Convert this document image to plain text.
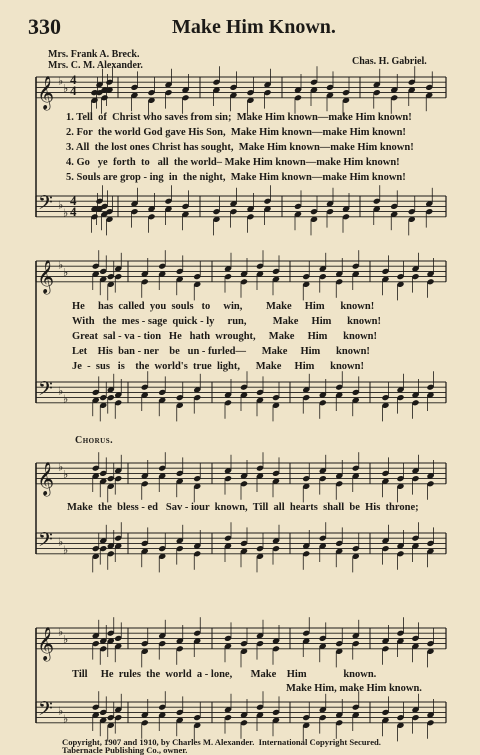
330	Make Him Known.
Mrs. Frank A. Breck.
Mrs. C. M. Alexander.	Chas. H. Gabriel.
𝄞 ♭
♭
𝄢 ♭
♭
𝄞 ♭
♭
𝄢 ♭
♭
𝄞 ♭
♭
𝄢 ♭
♭
𝄞 ♭
♭
𝄢 ♭
♭
4
4
4
4
1. Tell  of  Christ who saves from sin;  Make Him known—make Him known!
2. For  the world God gave His Son,  Make Him known—make Him known!
3. All  the lost ones Christ has sought,  Make Him known—make Him known!
4. Go   ye  forth  to   all  the world– Make Him known—make Him known!
5. Souls are grop - ing  in  the night,  Make Him known—make Him known!
He     has  called  you  souls   to     win,         Make     Him      known!
With   the  mes - sage  quick - ly     run,          Make     Him      known!
Great  sal - va - tion   He   hath  wrought,     Make     Him      known!
Let    His  ban - ner    be   un - furled—      Make     Him      known!
Je  -  sus   is    the  world's  true  light,      Make     Him      known!
Chorus.
Make  the  bless - ed   Sav - iour  known,  Till  all  hearts  shall  be  His  throne;
Till     He  rules  the  world  a - lone,       Make    Him              known.
Make Him, make Him known.
Copyright, 1907 and 1910, by Charles M. Alexander.  International Copyright Secured.
Tabernacle Publishing Co., owner.
